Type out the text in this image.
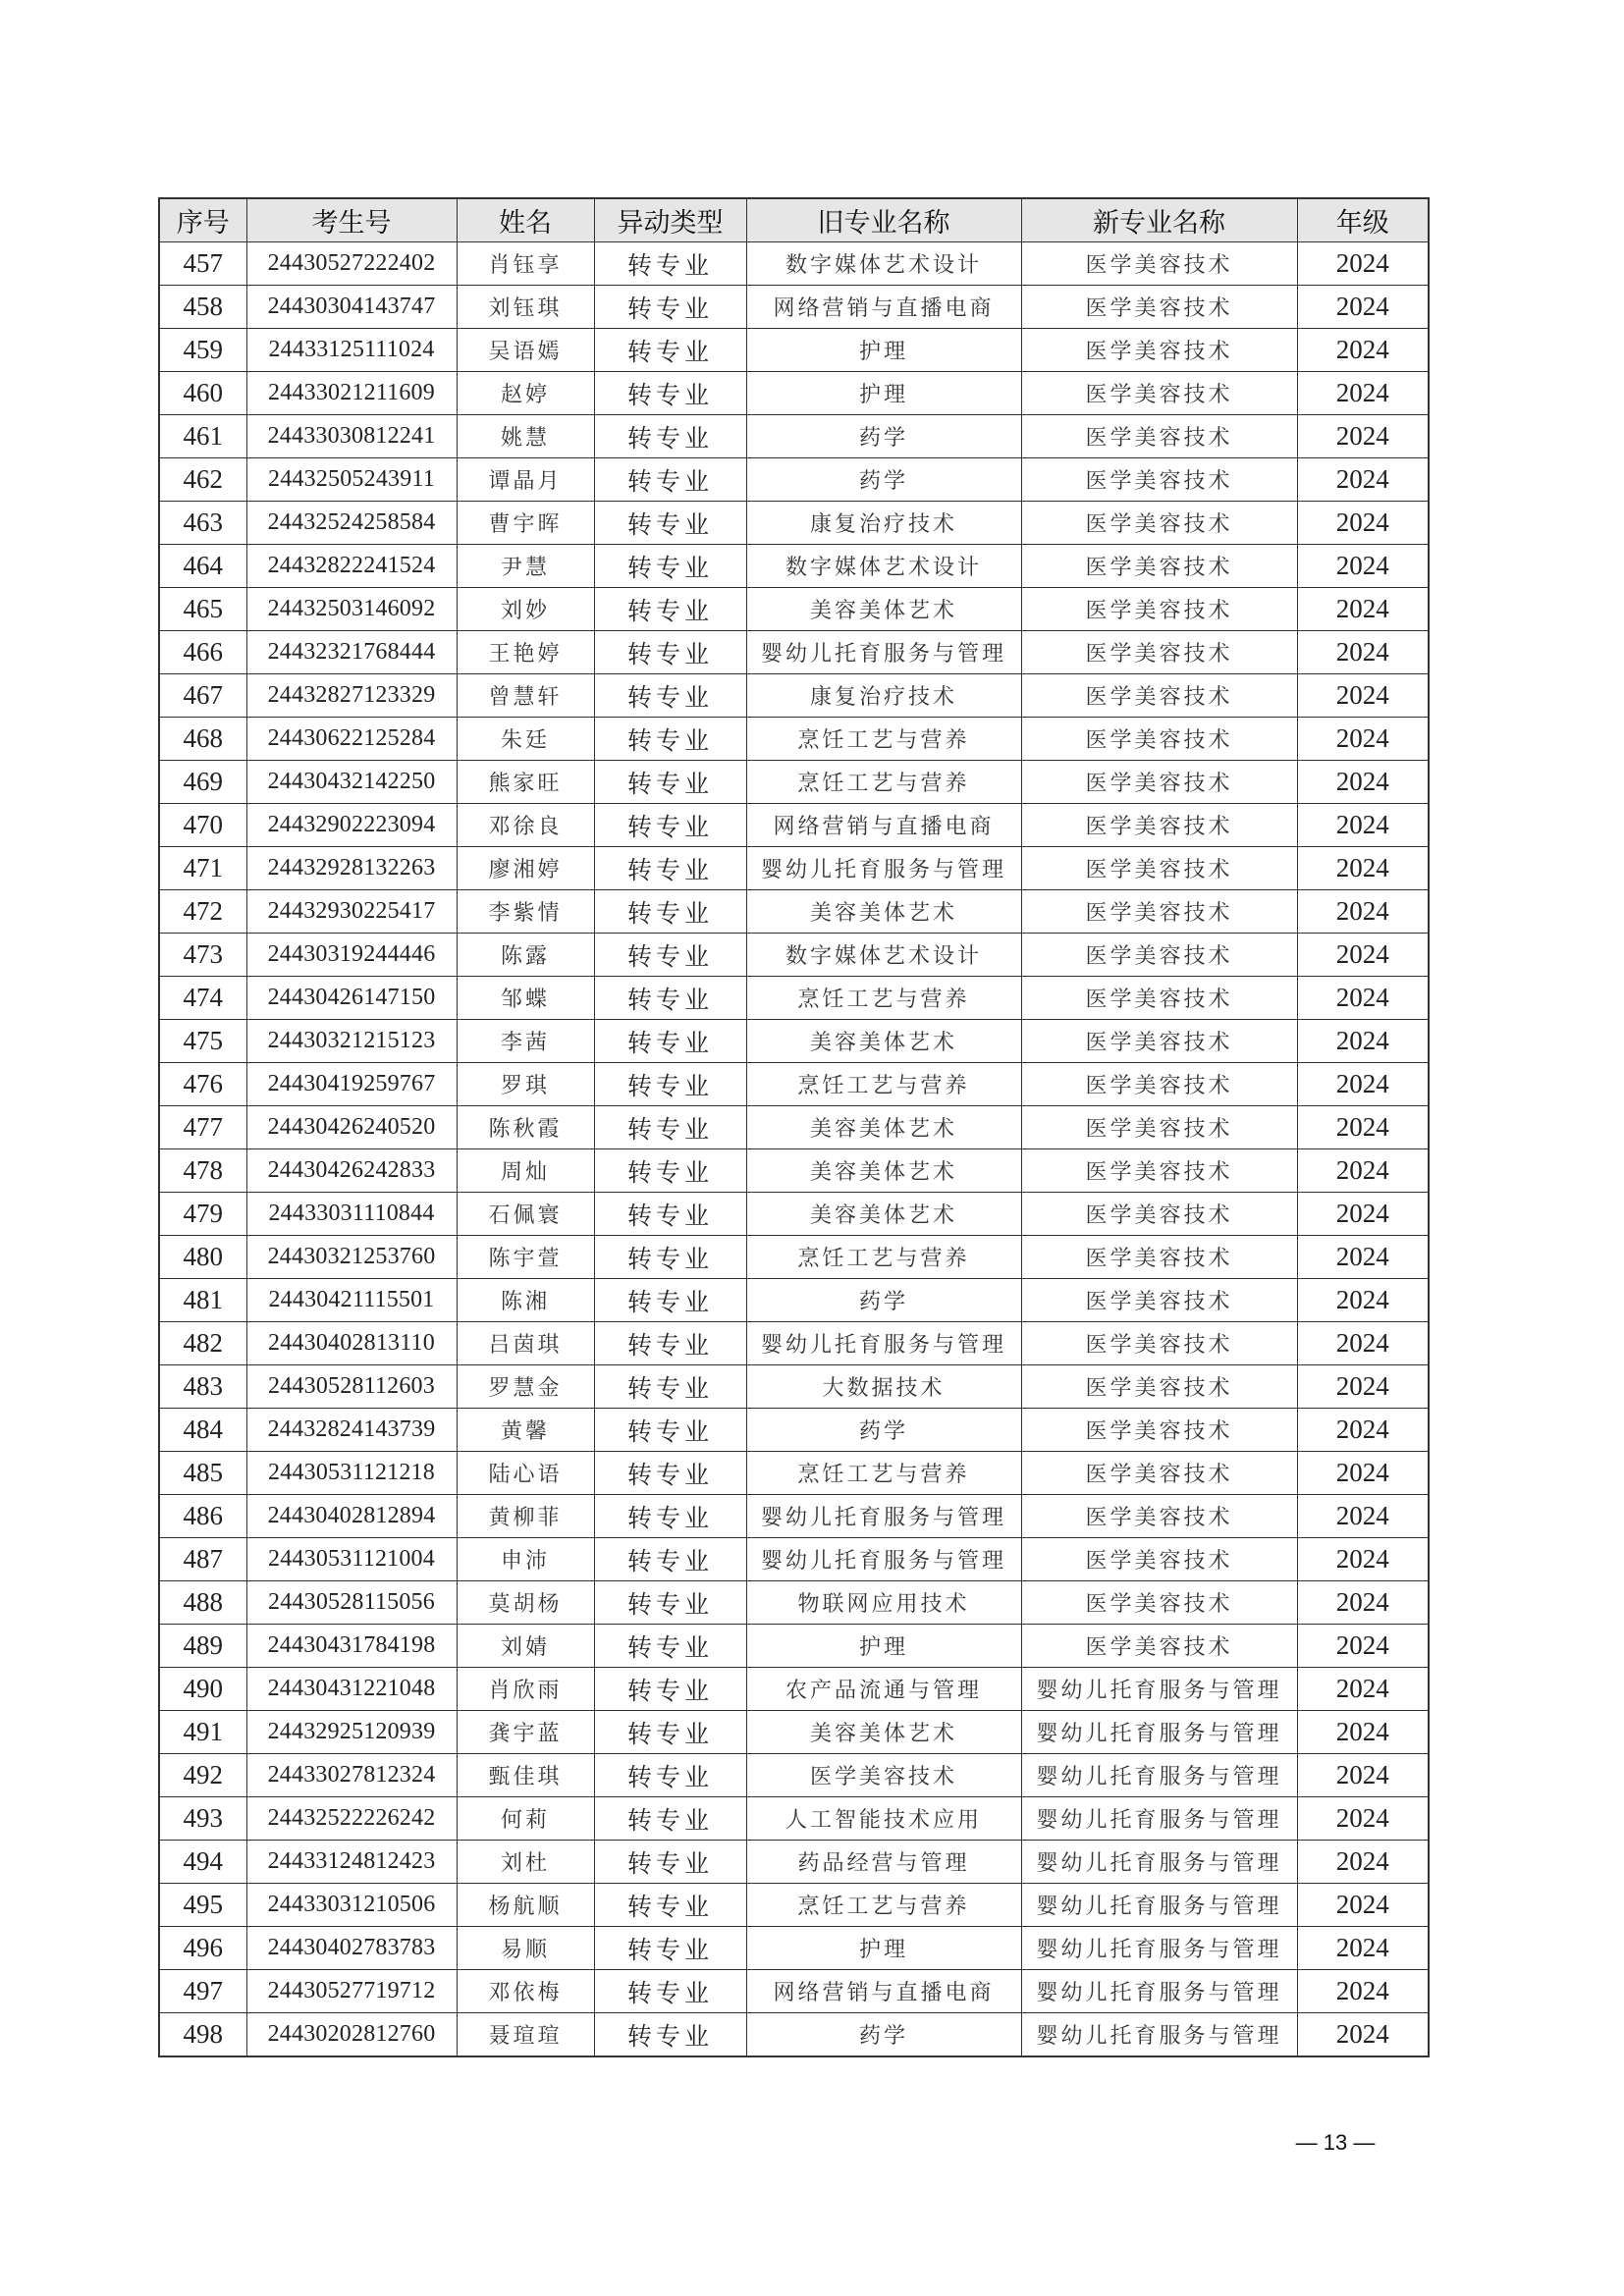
序号	考生号	姓名	异动类型	旧专业名称	新专业名称	年级
457	24430527222402	肖钰享	转专业	数字媒体艺术设计	医学美容技术	2024
458	24430304143747	刘钰琪	转专业	网络营销与直播电商	医学美容技术	2024
459	24433125111024	吴语嫣	转专业	护理	医学美容技术	2024
460	24433021211609	赵婷	转专业	护理	医学美容技术	2024
461	24433030812241	姚慧	转专业	药学	医学美容技术	2024
462	24432505243911	谭晶月	转专业	药学	医学美容技术	2024
463	24432524258584	曹宇晖	转专业	康复治疗技术	医学美容技术	2024
464	24432822241524	尹慧	转专业	数字媒体艺术设计	医学美容技术	2024
465	24432503146092	刘妙	转专业	美容美体艺术	医学美容技术	2024
466	24432321768444	王艳婷	转专业	婴幼儿托育服务与管理	医学美容技术	2024
467	24432827123329	曾慧轩	转专业	康复治疗技术	医学美容技术	2024
468	24430622125284	朱廷	转专业	烹饪工艺与营养	医学美容技术	2024
469	24430432142250	熊家旺	转专业	烹饪工艺与营养	医学美容技术	2024
470	24432902223094	邓徐良	转专业	网络营销与直播电商	医学美容技术	2024
471	24432928132263	廖湘婷	转专业	婴幼儿托育服务与管理	医学美容技术	2024
472	24432930225417	李紫情	转专业	美容美体艺术	医学美容技术	2024
473	24430319244446	陈露	转专业	数字媒体艺术设计	医学美容技术	2024
474	24430426147150	邹蝶	转专业	烹饪工艺与营养	医学美容技术	2024
475	24430321215123	李茜	转专业	美容美体艺术	医学美容技术	2024
476	24430419259767	罗琪	转专业	烹饪工艺与营养	医学美容技术	2024
477	24430426240520	陈秋霞	转专业	美容美体艺术	医学美容技术	2024
478	24430426242833	周灿	转专业	美容美体艺术	医学美容技术	2024
479	24433031110844	石佩寰	转专业	美容美体艺术	医学美容技术	2024
480	24430321253760	陈宇萱	转专业	烹饪工艺与营养	医学美容技术	2024
481	24430421115501	陈湘	转专业	药学	医学美容技术	2024
482	24430402813110	吕茵琪	转专业	婴幼儿托育服务与管理	医学美容技术	2024
483	24430528112603	罗慧金	转专业	大数据技术	医学美容技术	2024
484	24432824143739	黄馨	转专业	药学	医学美容技术	2024
485	24430531121218	陆心语	转专业	烹饪工艺与营养	医学美容技术	2024
486	24430402812894	黄柳菲	转专业	婴幼儿托育服务与管理	医学美容技术	2024
487	24430531121004	申沛	转专业	婴幼儿托育服务与管理	医学美容技术	2024
488	24430528115056	莫胡杨	转专业	物联网应用技术	医学美容技术	2024
489	24430431784198	刘婧	转专业	护理	医学美容技术	2024
490	24430431221048	肖欣雨	转专业	农产品流通与管理	婴幼儿托育服务与管理	2024
491	24432925120939	龚宇蓝	转专业	美容美体艺术	婴幼儿托育服务与管理	2024
492	24433027812324	甄佳琪	转专业	医学美容技术	婴幼儿托育服务与管理	2024
493	24432522226242	何莉	转专业	人工智能技术应用	婴幼儿托育服务与管理	2024
494	24433124812423	刘杜	转专业	药品经营与管理	婴幼儿托育服务与管理	2024
495	24433031210506	杨航顺	转专业	烹饪工艺与营养	婴幼儿托育服务与管理	2024
496	24430402783783	易顺	转专业	护理	婴幼儿托育服务与管理	2024
497	24430527719712	邓依梅	转专业	网络营销与直播电商	婴幼儿托育服务与管理	2024
498	24430202812760	聂瑄瑄	转专业	药学	婴幼儿托育服务与管理	2024
— 13 —
